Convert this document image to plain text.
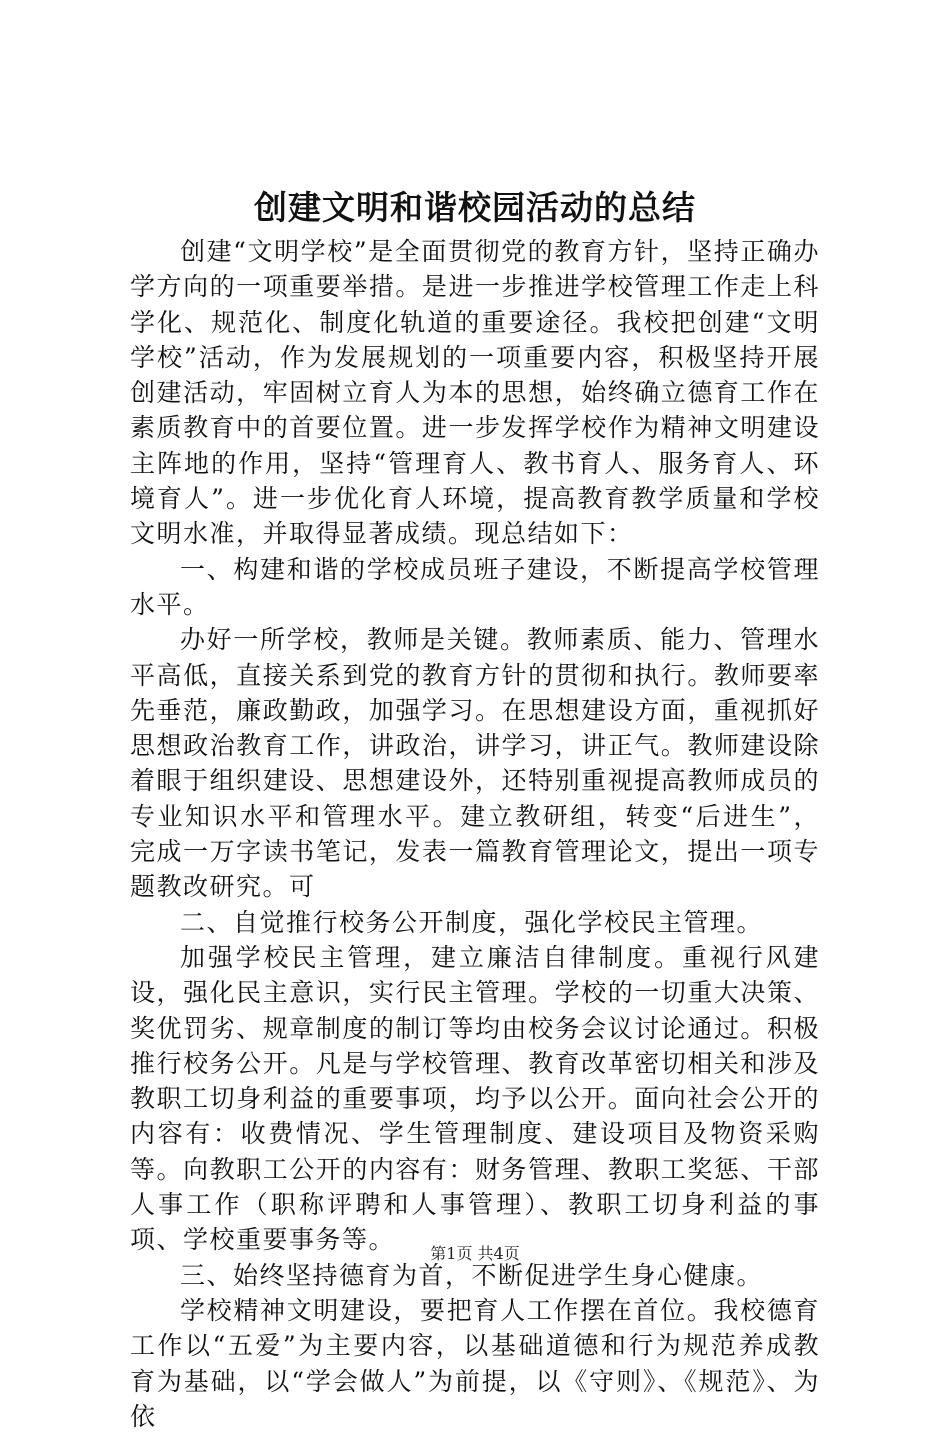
创建文明和谐校园活动的总结

创建“文明学校”是全面贯彻党的教育方针，坚持正确办学方向的一项重要举措。是进一步推进学校管理工作走上科学化、规范化、制度化轨道的重要途径。我校把创建“文明学校”活动，作为发展规划的一项重要内容，积极坚持开展创建活动，牢固树立育人为本的思想，始终确立德育工作在素质教育中的首要位置。进一步发挥学校作为精神文明建设主阵地的作用，坚持“管理育人、教书育人、服务育人、环境育人”。进一步优化育人环境，提高教育教学质量和学校文明水准，并取得显著成绩。现总结如下：

一、构建和谐的学校成员班子建设，不断提高学校管理水平。

办好一所学校，教师是关键。教师素质、能力、管理水平高低，直接关系到党的教育方针的贯彻和执行。教师要率先垂范，廉政勤政，加强学习。在思想建设方面，重视抓好思想政治教育工作，讲政治，讲学习，讲正气。教师建设除着眼于组织建设、思想建设外，还特别重视提高教师成员的专业知识水平和管理水平。建立教研组，转变“后进生”，完成一万字读书笔记，发表一篇教育管理论文，提出一项专题教改研究。可

二、自觉推行校务公开制度，强化学校民主管理。

加强学校民主管理，建立廉洁自律制度。重视行风建设，强化民主意识，实行民主管理。学校的一切重大决策、奖优罚劣、规章制度的制订等均由校务会议讨论通过。积极推行校务公开。凡是与学校管理、教育改革密切相关和涉及教职工切身利益的重要事项，均予以公开。面向社会公开的内容有：收费情况、学生管理制度、建设项目及物资采购等。向教职工公开的内容有：财务管理、教职工奖惩、干部人事工作（职称评聘和人事管理）、教职工切身利益的事项、学校重要事务等。

三、始终坚持德育为首，不断促进学生身心健康。

学校精神文明建设，要把育人工作摆在首位。我校德育工作以“五爱”为主要内容，以基础道德和行为规范养成教育为基础，以“学会做人”为前提，以《守则》、《规范》、为依

第1页 共4页
